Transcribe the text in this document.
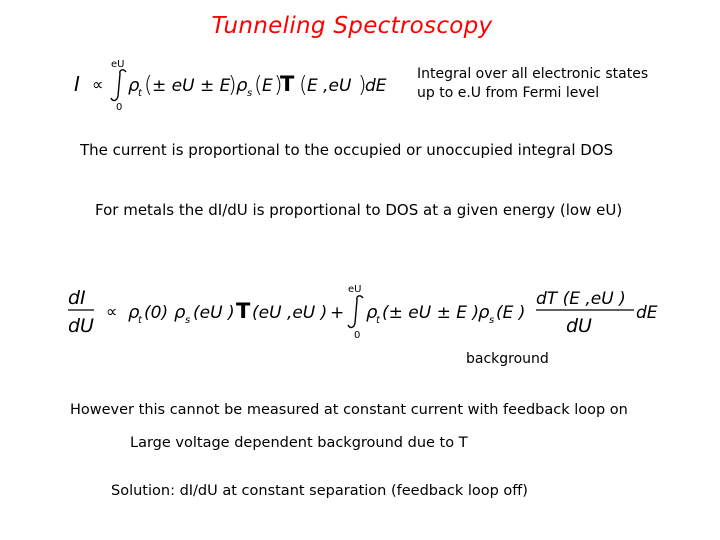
Tunneling Spectroscopy
I ∝
eU
0
ρ
t ( ± eU ± E
) ρ s ( E )
T ( E ,eU )
dE
Integral over all electronic states
up to e.U from Fermi level
The current is proportional to the occupied or unoccupied integral DOS
For metals the dI/dU is proportional to DOS at a given energy (low eU)
dI
dU
∝ ρ
t (0) ρ s (eU ) T (eU ,eU ) +
eU
0
ρ
t (± eU ± E )
ρ s (E )
dT (E ,eU )
dU
dE
background
However this cannot be measured at constant current with feedback loop on
Large voltage dependent background due to T
Solution: dI/dU at constant separation (feedback loop off)
